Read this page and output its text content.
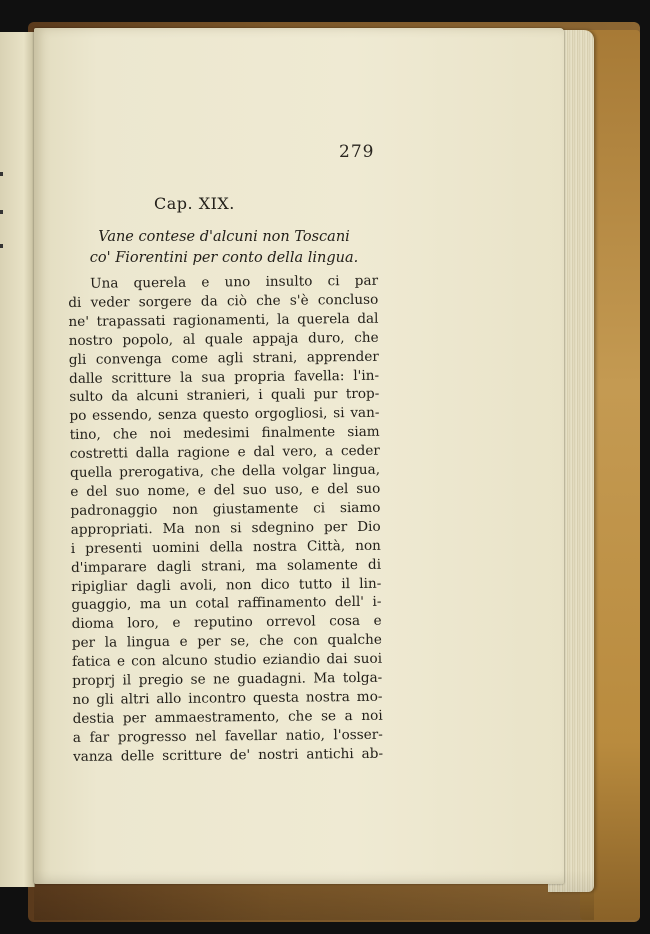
279
Cap. XIX.
Vane contese d'alcuni non Toscani
co' Fiorentini per conto della lingua.
Una querela e uno insulto ci par
di veder sorgere da ciò che s'è concluso
ne' trapassati ragionamenti, la querela dal
nostro popolo, al quale appaja duro, che
gli convenga come agli strani, apprender
dalle scritture la sua propria favella: l'in-
sulto da alcuni stranieri, i quali pur trop-
po essendo, senza questo orgogliosi, si van-
tino, che noi medesimi finalmente siam
costretti dalla ragione e dal vero, a ceder
quella prerogativa, che della volgar lingua,
e del suo nome, e del suo uso, e del suo
padronaggio non giustamente ci siamo
appropriati. Ma non si sdegnino per Dio
i presenti uomini della nostra Città, non
d'imparare dagli strani, ma solamente di
ripigliar dagli avoli, non dico tutto il lin-
guaggio, ma un cotal raffinamento dell' i-
dioma loro, e reputino orrevol cosa e
per la lingua e per se, che con qualche
fatica e con alcuno studio eziandio dai suoi
proprj il pregio se ne guadagni. Ma tolga-
no gli altri allo incontro questa nostra mo-
destia per ammaestramento, che se a noi
a far progresso nel favellar natio, l'osser-
vanza delle scritture de' nostri antichi ab-
